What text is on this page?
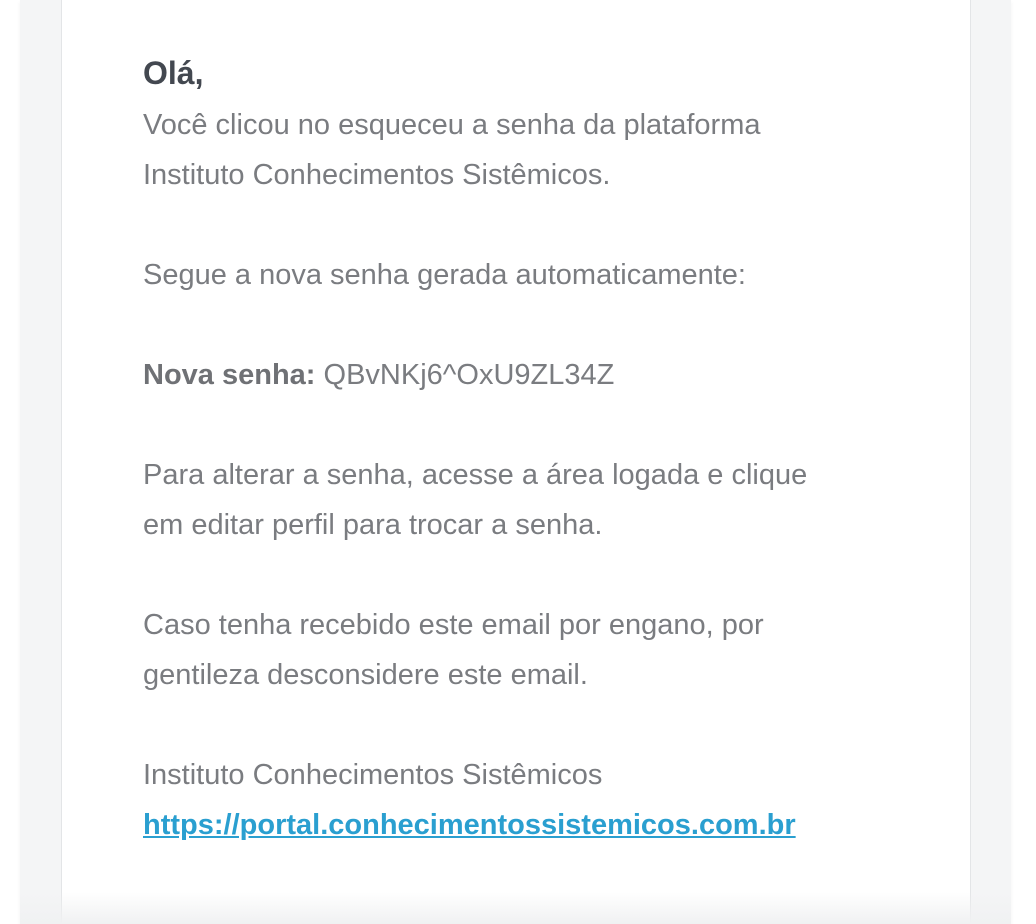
Olá,

Você clicou no esqueceu a senha da plataforma

Instituto Conhecimentos Sistêmicos.

Segue a nova senha gerada automaticamente:

Nova senha: QBvNKj6^OxU9ZL34Z

Para alterar a senha, acesse a área logada e clique

em editar perfil para trocar a senha.

Caso tenha recebido este email por engano, por

gentileza desconsidere este email.

Instituto Conhecimentos Sistêmicos

https://portal.conhecimentossistemicos.com.br
